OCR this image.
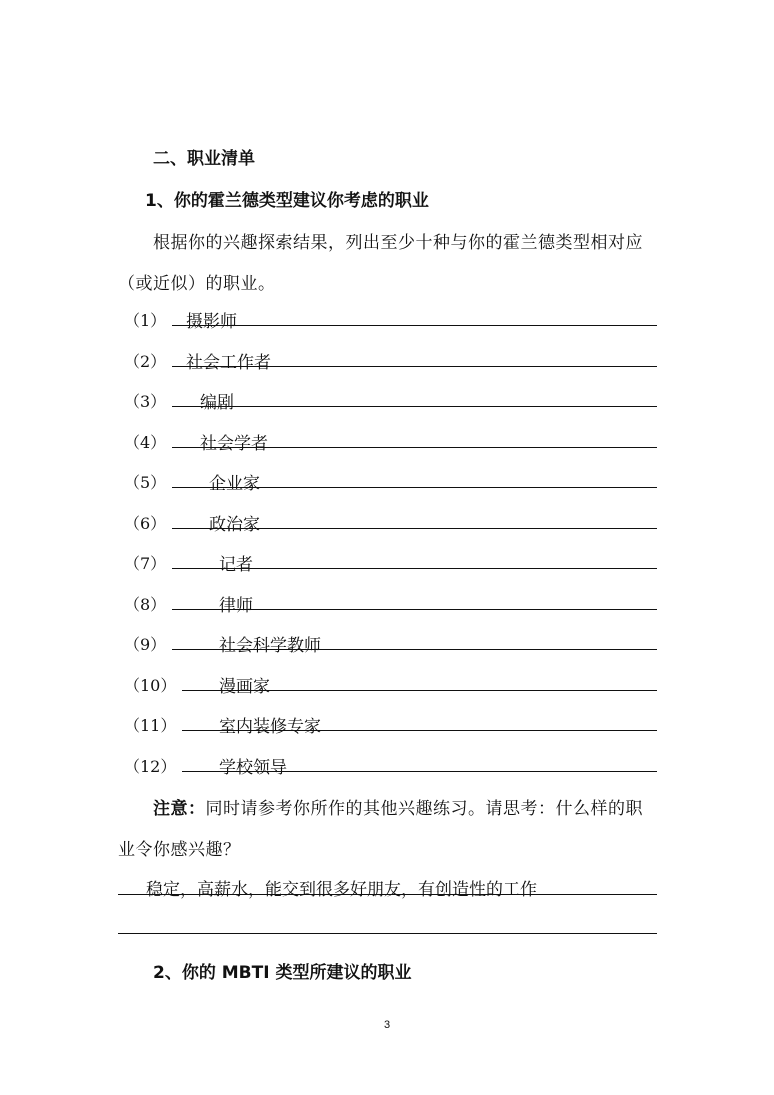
二、职业清单
1、你的霍兰德类型建议你考虑的职业
根据你的兴趣探索结果，列出至少十种与你的霍兰德类型相对应
（或近似）的职业。
（1） 摄影师
（2） 社会工作者
（3） 编剧
（4） 社会学者
（5）	企业家
（6）	政治家
（7）	记者
（8）	律师
（9）	社会科学教师
（10）	漫画家
（11）	室内装修专家
（12）	学校领导
注意：同时请参考你所作的其他兴趣练习。请思考：什么样的职
业令你感兴趣？
稳定，高薪水，能交到很多好朋友，有创造性的工作
2、你的 MBTI 类型所建议的职业
3
